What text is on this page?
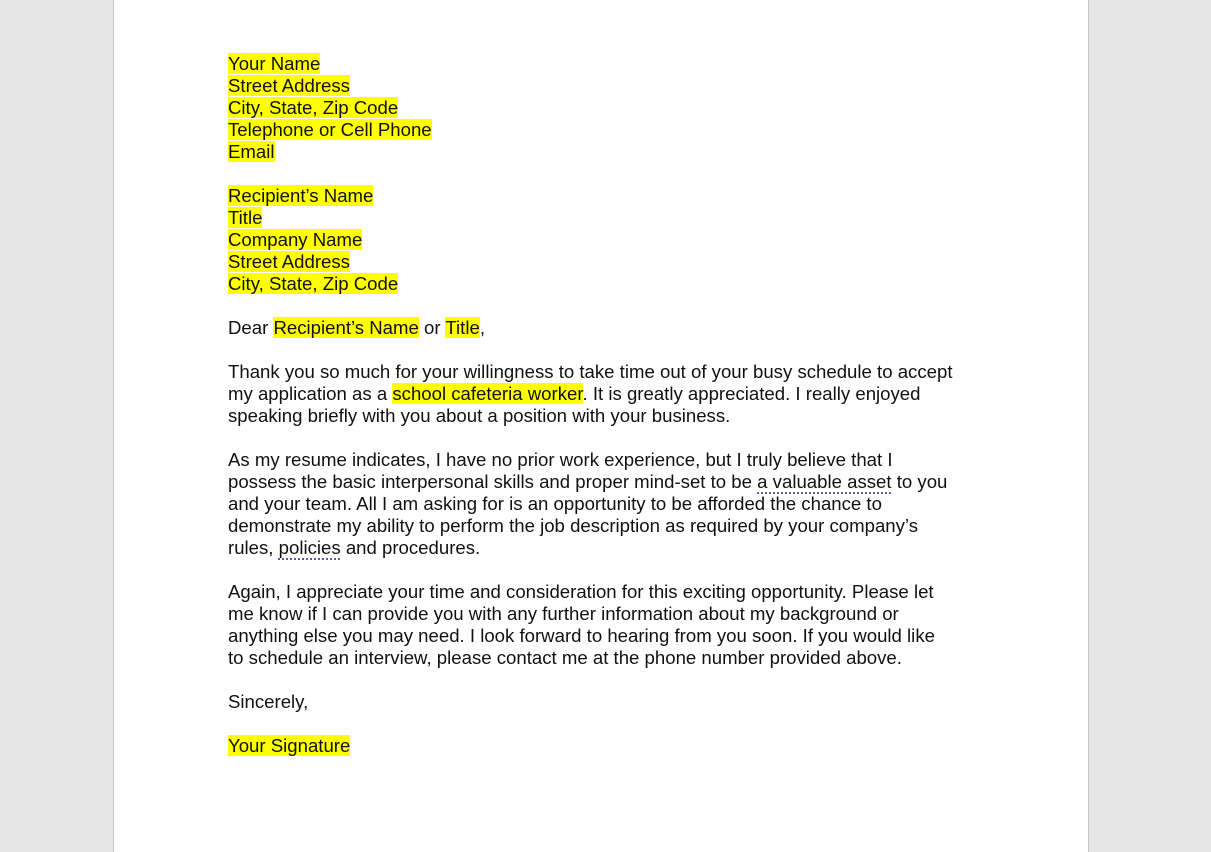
Your Name
Street Address
City, State, Zip Code
Telephone or Cell Phone
Email
Recipient’s Name
Title
Company Name
Street Address
City, State, Zip Code
Dear Recipient’s Name or Title,
Thank you so much for your willingness to take time out of your busy schedule to accept
my application as a school cafeteria worker. It is greatly appreciated. I really enjoyed
speaking briefly with you about a position with your business.
As my resume indicates, I have no prior work experience, but I truly believe that I
possess the basic interpersonal skills and proper mind-set to be a valuable asset to you
and your team. All I am asking for is an opportunity to be afforded the chance to
demonstrate my ability to perform the job description as required by your company’s
rules, policies and procedures.
Again, I appreciate your time and consideration for this exciting opportunity. Please let
me know if I can provide you with any further information about my background or
anything else you may need. I look forward to hearing from you soon. If you would like
to schedule an interview, please contact me at the phone number provided above.
Sincerely,
Your Signature
